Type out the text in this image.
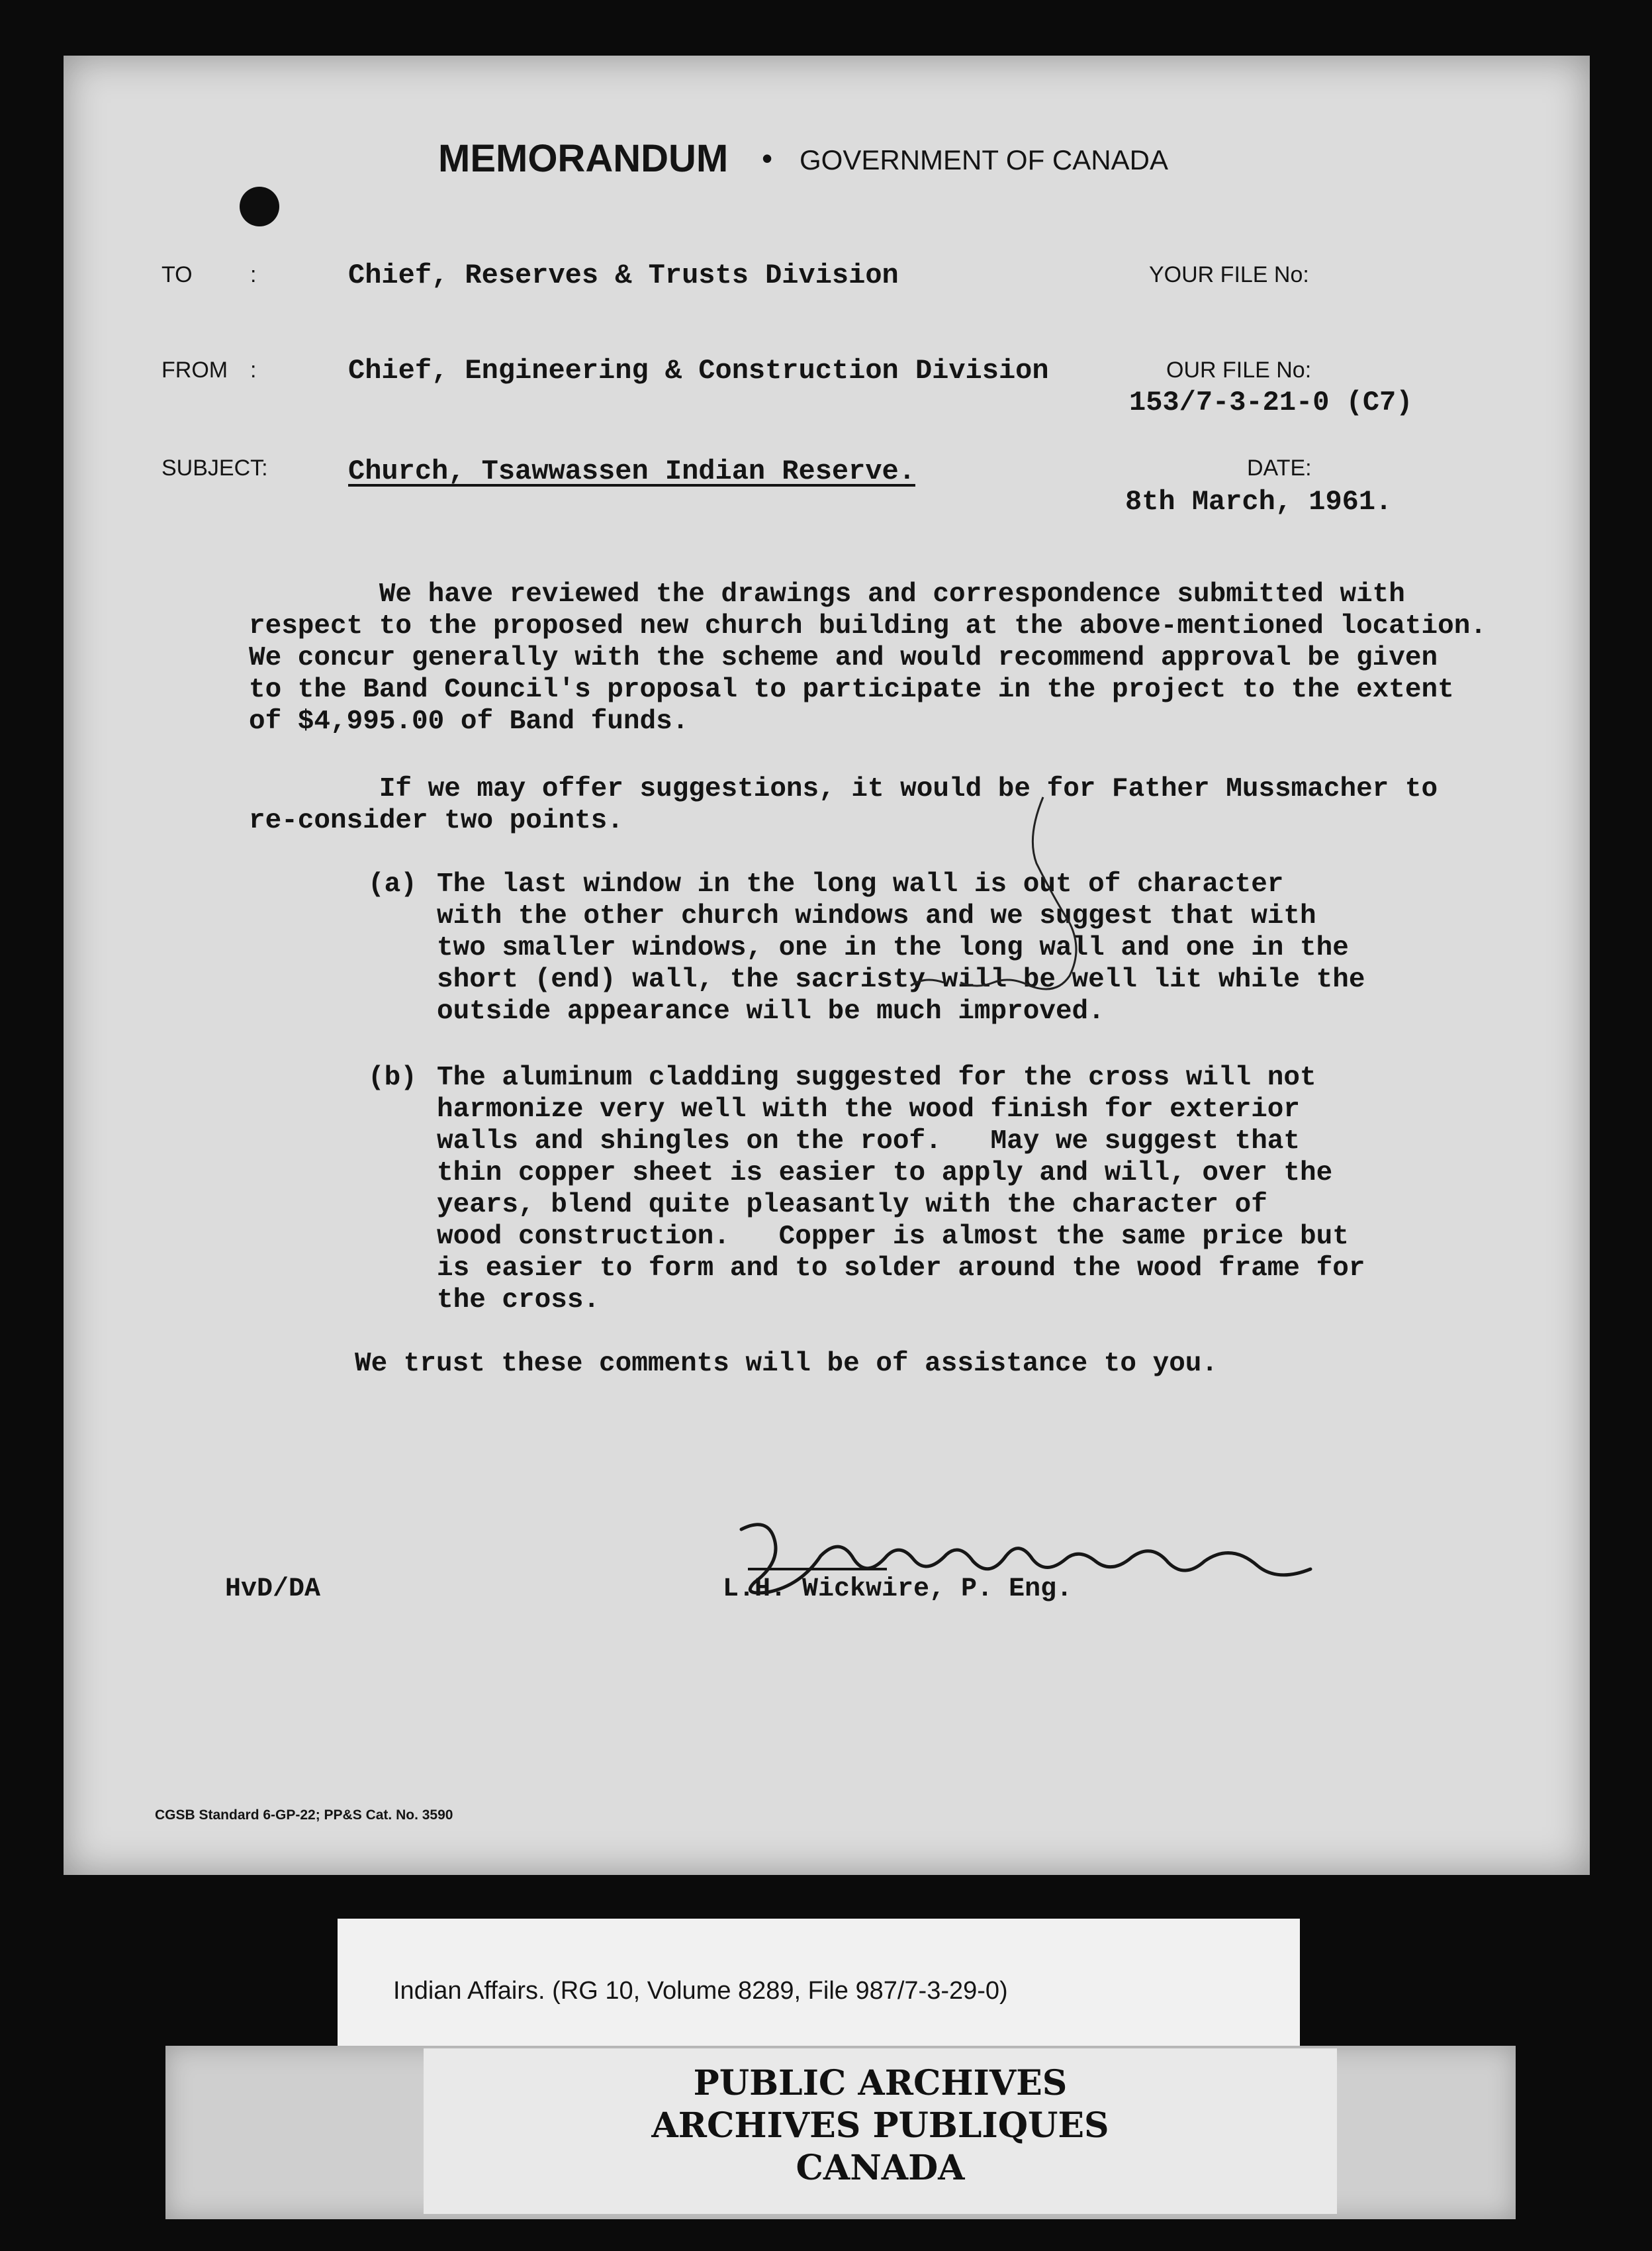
MEMORANDUM • GOVERNMENT OF CANADA
TO	:	Chief, Reserves & Trusts Division	YOUR FILE No:
FROM :	Chief, Engineering & Construction Division	OUR FILE No:
153/7-3-21-0 (C7)
SUBJECT:	Church, Tsawwassen Indian Reserve.	DATE:
8th March, 1961.
We have reviewed the drawings and correspondence submitted with
respect to the proposed new church building at the above-mentioned location.
We concur generally with the scheme and would recommend approval be given
to the Band Council's proposal to participate in the project to the extent
of $4,995.00 of Band funds.
If we may offer suggestions, it would be for Father Mussmacher to
re-consider two points.
(a) The last window in the long wall is out of character
with the other church windows and we suggest that with
two smaller windows, one in the long wall and one in the
short (end) wall, the sacristy will be well lit while the
outside appearance will be much improved.
(b) The aluminum cladding suggested for the cross will not
harmonize very well with the wood finish for exterior
walls and shingles on the roof.   May we suggest that
thin copper sheet is easier to apply and will, over the
years, blend quite pleasantly with the character of
wood construction.   Copper is almost the same price but
is easier to form and to solder around the wood frame for
the cross.
We trust these comments will be of assistance to you.
HvD/DA	L.H. Wickwire, P. Eng.
CGSB Standard 6-GP-22; PP&S Cat. No. 3590
Indian Affairs. (RG 10, Volume 8289, File 987/7-3-29-0)
PUBLIC ARCHIVES
ARCHIVES PUBLIQUES
CANADA
